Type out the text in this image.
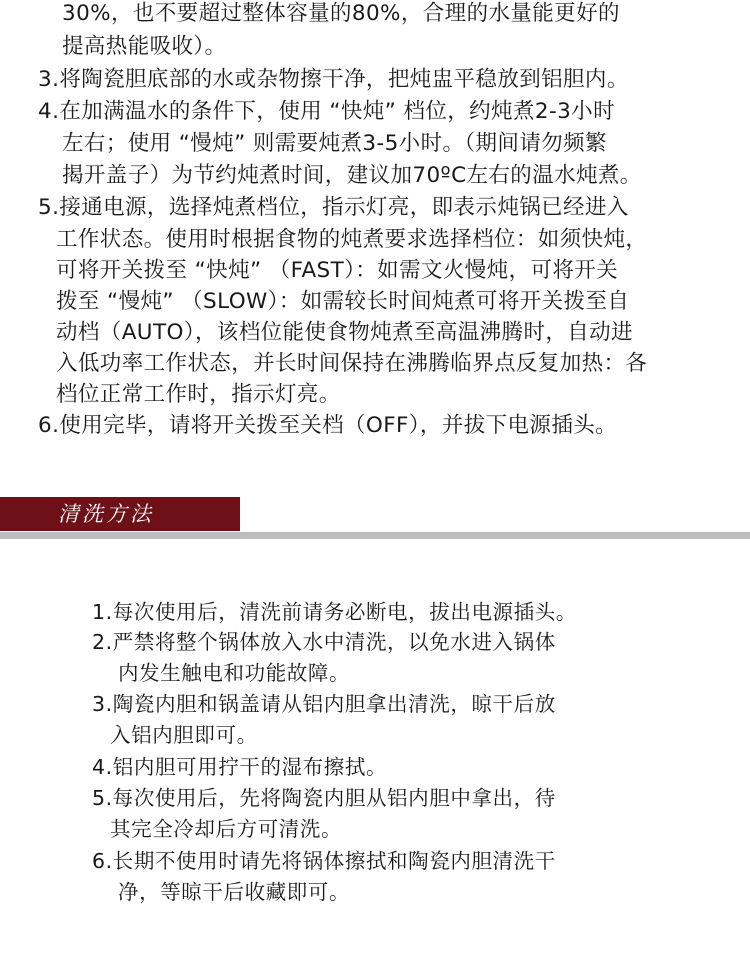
30%，也不要超过整体容量的80%，合理的水量能更好的
提高热能吸收）。
3.将陶瓷胆底部的水或杂物擦干净，把炖盅平稳放到铝胆内。
4.在加满温水的条件下，使用 “快炖” 档位，约炖煮2-3小时
左右；使用 “慢炖” 则需要炖煮3-5小时。（期间请勿频繁
揭开盖子）为节约炖煮时间，建议加70ºC左右的温水炖煮。
5.接通电源，选择炖煮档位，指示灯亮，即表示炖锅已经进入
工作状态。使用时根据食物的炖煮要求选择档位：如须快炖，
可将开关拨至 “快炖” （FAST）：如需文火慢炖，可将开关
拨至 “慢炖” （SLOW）：如需较长时间炖煮可将开关拨至自
动档（AUTO），该档位能使食物炖煮至高温沸腾时，自动进
入低功率工作状态，并长时间保持在沸腾临界点反复加热：各
档位正常工作时，指示灯亮。
6.使用完毕，请将开关拨至关档（OFF），并拔下电源插头。
清洗方法
1.每次使用后，清洗前请务必断电，拔出电源插头。
2.严禁将整个锅体放入水中清洗，以免水进入锅体
内发生触电和功能故障。
3.陶瓷内胆和锅盖请从铝内胆拿出清洗，晾干后放
入铝内胆即可。
4.铝内胆可用拧干的湿布擦拭。
5.每次使用后，先将陶瓷内胆从铝内胆中拿出，待
其完全冷却后方可清洗。
6.长期不使用时请先将锅体擦拭和陶瓷内胆清洗干
净，等晾干后收藏即可。
